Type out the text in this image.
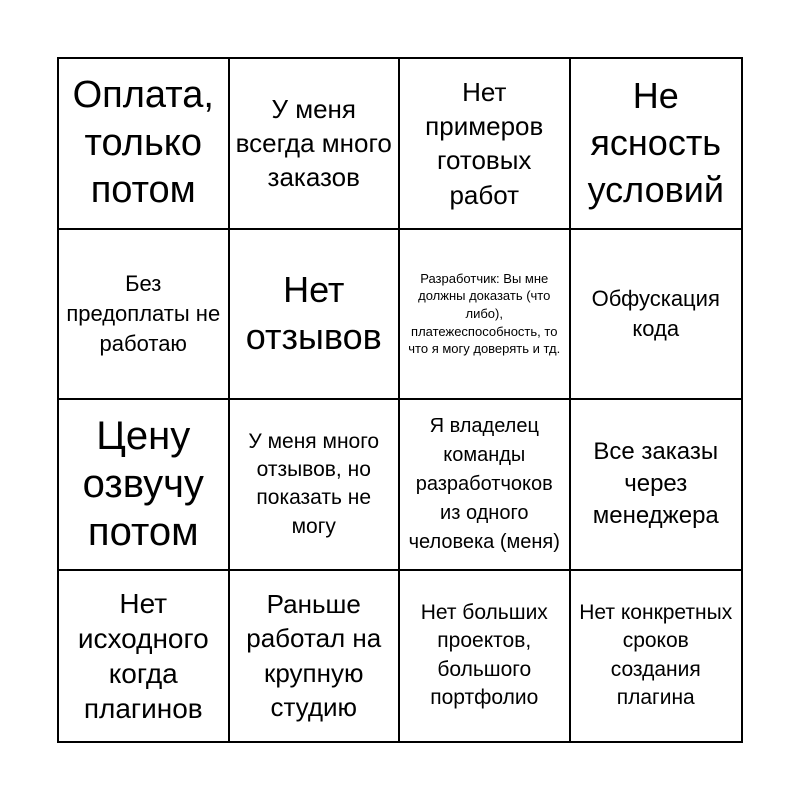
Оплата, только потом
У меня всегда много заказов
Нет примеров готовых работ
Не ясность условий
Без предоплаты не работаю
Нет отзывов
Разработчик: Вы мне должны доказать (что либо), платежеспособность, то что я могу доверять и тд.
Обфускация кода
Цену озвучу потом
У меня много отзывов, но показать не могу
Я владелец команды разработчоков из одного человека (меня)
Все заказы через менеджера
Нет исходного когда плагинов
Раньше работал на крупную студию
Нет больших проектов, большого портфолио
Нет конкретных сроков создания плагина
